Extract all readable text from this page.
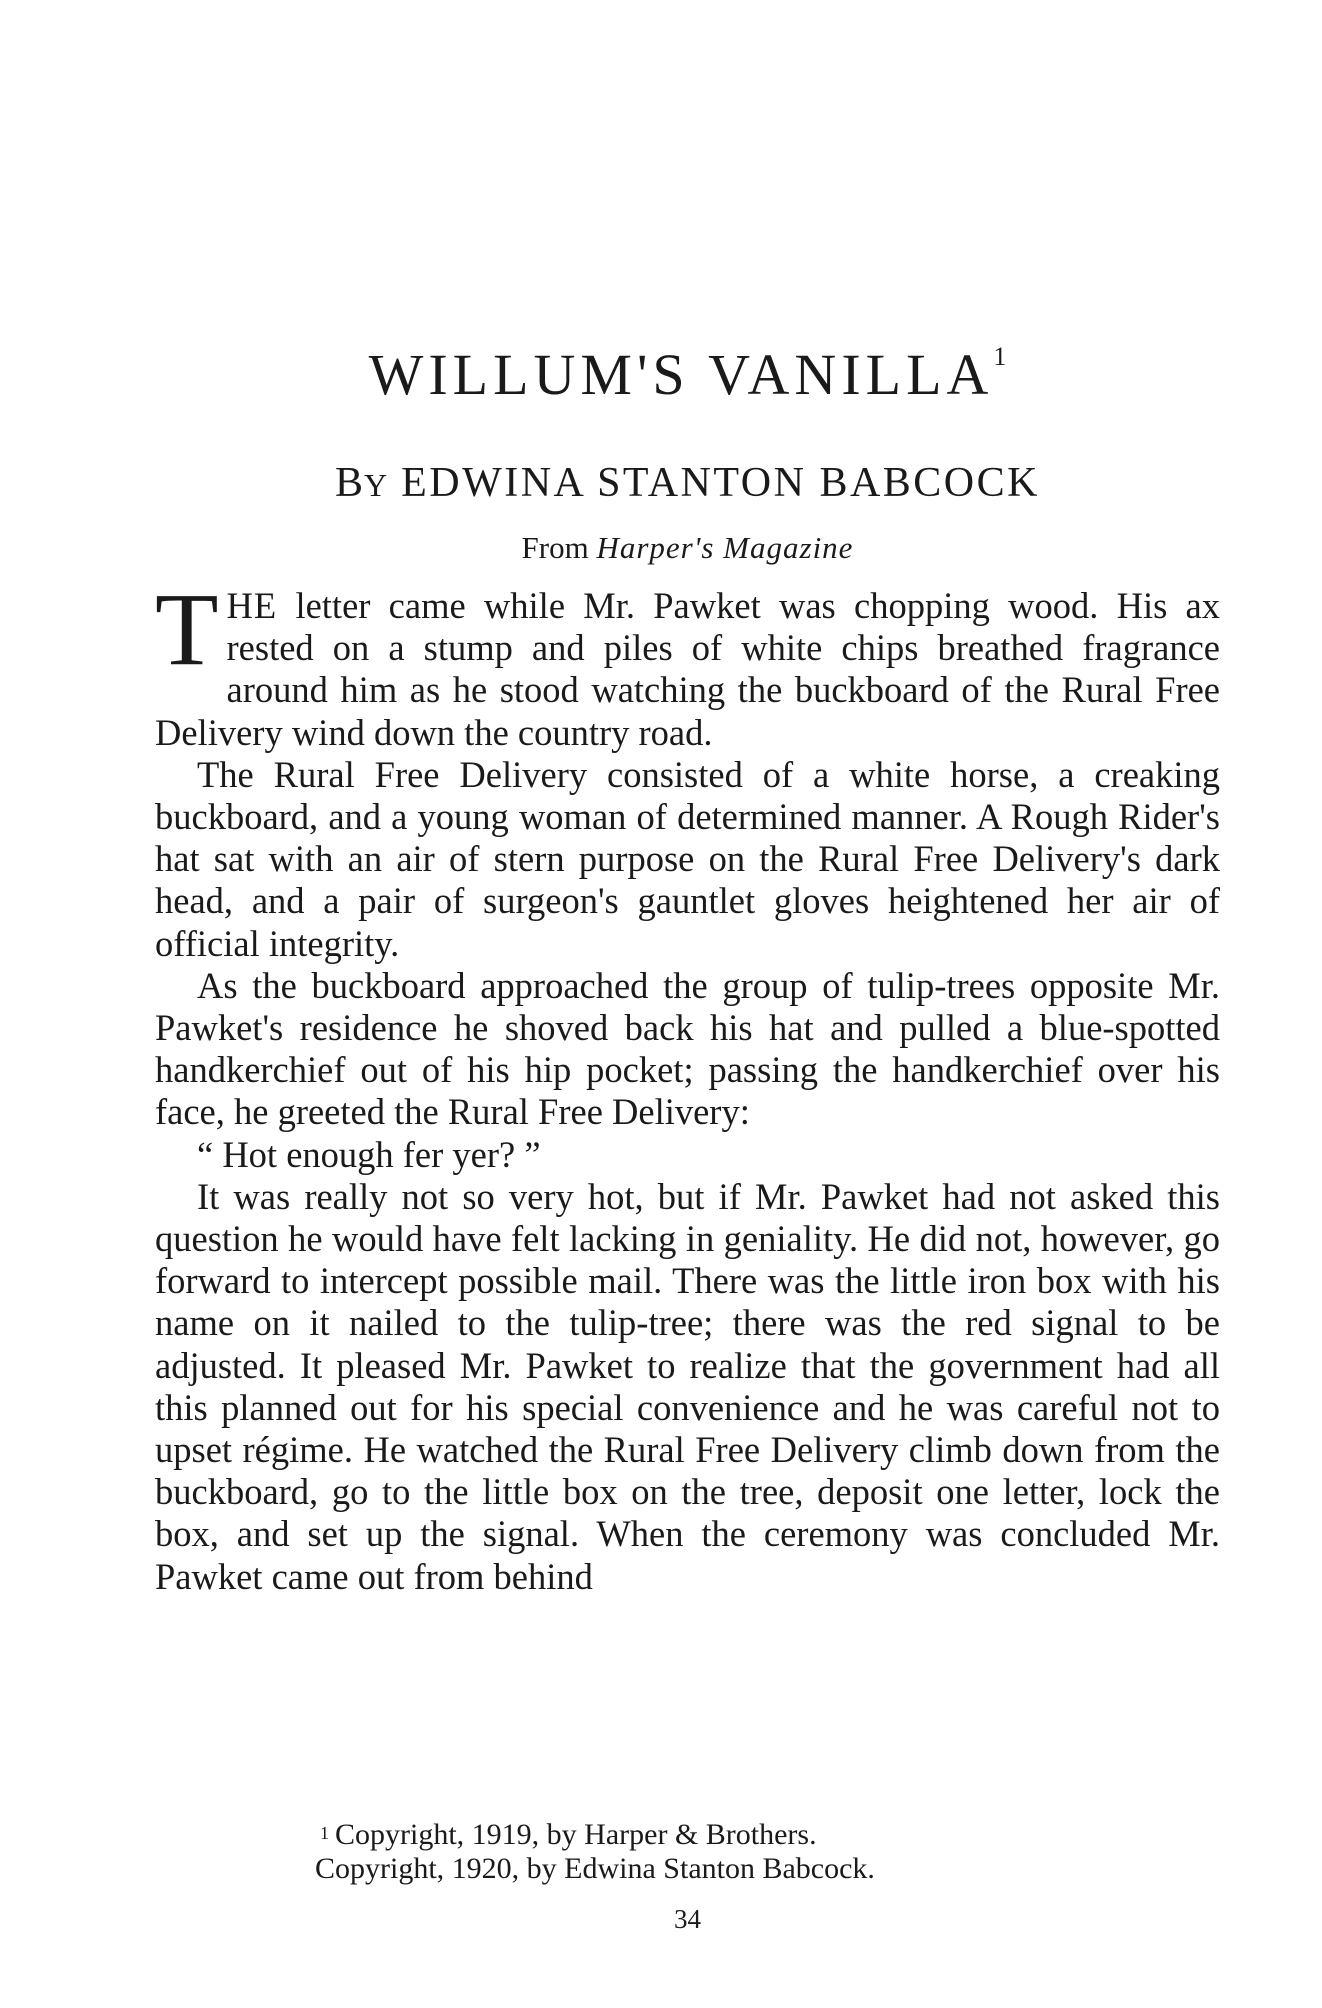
WILLUM'S VANILLA$^1$
BY EDWINA STANTON BABCOCK
From Harper's Magazine

THE letter came while Mr. Pawket was chopping wood. His ax rested on a stump and piles of white chips breathed fragrance around him as he stood watching the buckboard of the Rural Free Delivery wind down the country road.

The Rural Free Delivery consisted of a white horse, a creaking buckboard, and a young woman of determined manner. A Rough Rider's hat sat with an air of stern purpose on the Rural Free Delivery's dark head, and a pair of surgeon's gauntlet gloves heightened her air of official integrity.

As the buckboard approached the group of tulip-trees opposite Mr. Pawket's residence he shoved back his hat and pulled a blue-spotted handkerchief out of his hip pocket; passing the handkerchief over his face, he greeted the Rural Free Delivery:

“ Hot enough fer yer? ”

It was really not so very hot, but if Mr. Pawket had not asked this question he would have felt lacking in geniality. He did not, however, go forward to intercept possible mail. There was the little iron box with his name on it nailed to the tulip-tree; there was the red signal to be adjusted. It pleased Mr. Pawket to realize that the government had all this planned out for his special convenience and he was careful not to upset régime. He watched the Rural Free Delivery climb down from the buckboard, go to the little box on the tree, deposit one letter, lock the box, and set up the signal. When the ceremony was concluded Mr. Pawket came out from behind

$^1$ Copyright, 1919, by Harper & Brothers.
Copyright, 1920, by Edwina Stanton Babcock.
34
